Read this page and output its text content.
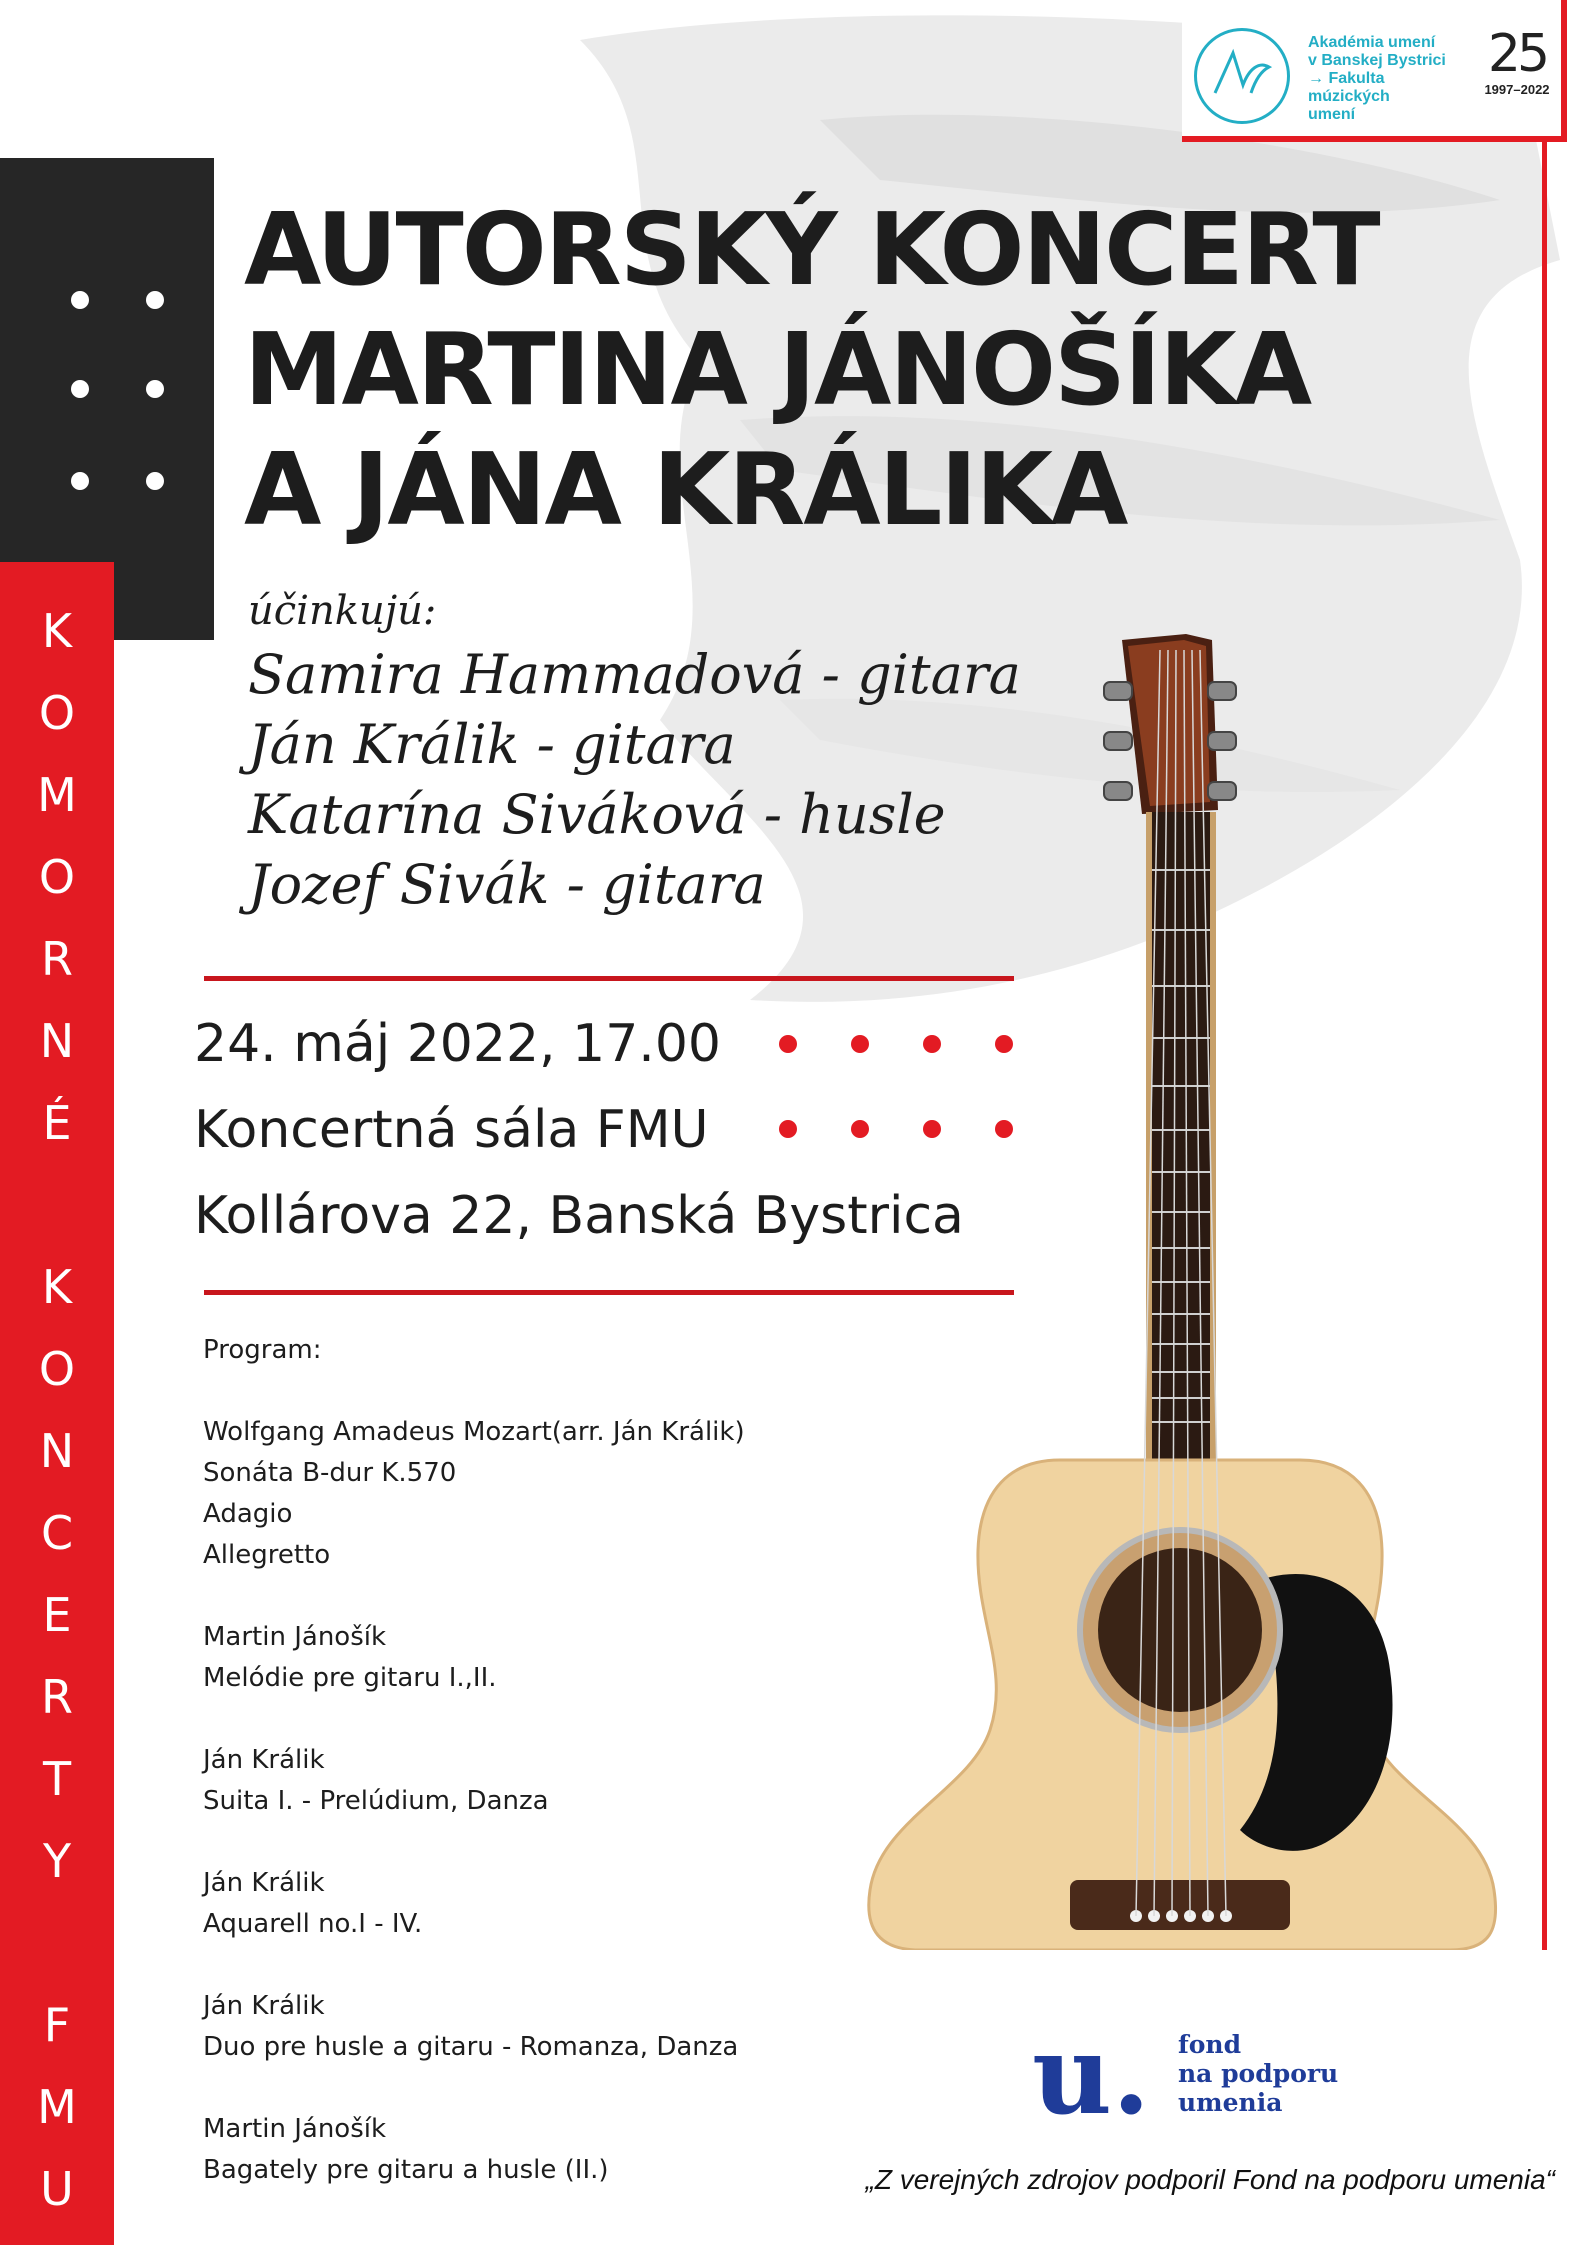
K
O
M
O
R
N
É
K
O
N
C
E
R
T
Y
F
M
U
Akadémia umení
v Banskej Bystrici
→ Fakulta
múzických
umení
25
1997–2022
AUTORSKÝ KONCERT
MARTINA JÁNOŠÍKA
A JÁNA KRÁLIKA
účinkujú:
Samira Hammadová - gitara
Ján Králik - gitara
Katarína Siváková - husle
Jozef Sivák - gitara
24. máj 2022, 17.00
Koncertná sála FMU
Kollárova 22, Banská Bystrica
Program:
Wolfgang Amadeus Mozart(arr. Ján Králik)
Sonáta B-dur K.570
Adagio
Allegretto
Martin Jánošík
Melódie pre gitaru I.,II.
Ján Králik
Suita I. - Prelúdium, Danza
Ján Králik
Aquarell no.I - IV.
Ján Králik
Duo pre husle a gitaru - Romanza, Danza
Martin Jánošík
Bagately pre gitaru a husle (II.)
u. fond
na podporu
umenia
„Z verejných zdrojov podporil Fond na podporu umenia“
